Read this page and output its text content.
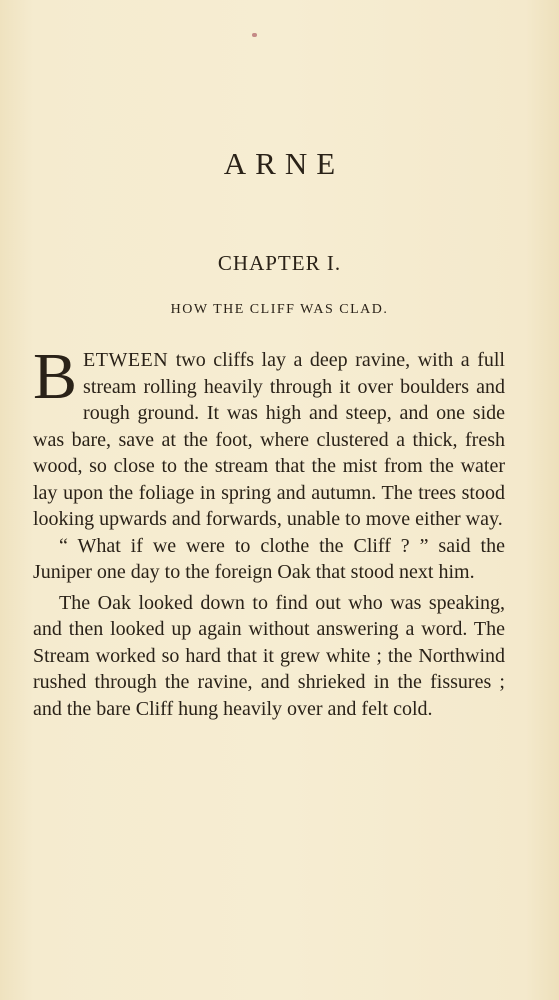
ARNE
CHAPTER I.
HOW THE CLIFF WAS CLAD.

BETWEEN two cliffs lay a deep ravine, with a full stream rolling heavily through it over boulders and rough ground. It was high and steep, and one side was bare, save at the foot, where clustered a thick, fresh wood, so close to the stream that the mist from the water lay upon the foliage in spring and autumn. The trees stood looking upwards and forwards, unable to move either way.

“ What if we were to clothe the Cliff ? ” said the Juniper one day to the foreign Oak that stood next him.

The Oak looked down to find out who was speaking, and then looked up again without answering a word. The Stream worked so hard that it grew white ; the Northwind rushed through the ravine, and shrieked in the fissures ; and the bare Cliff hung heavily over and felt cold.
